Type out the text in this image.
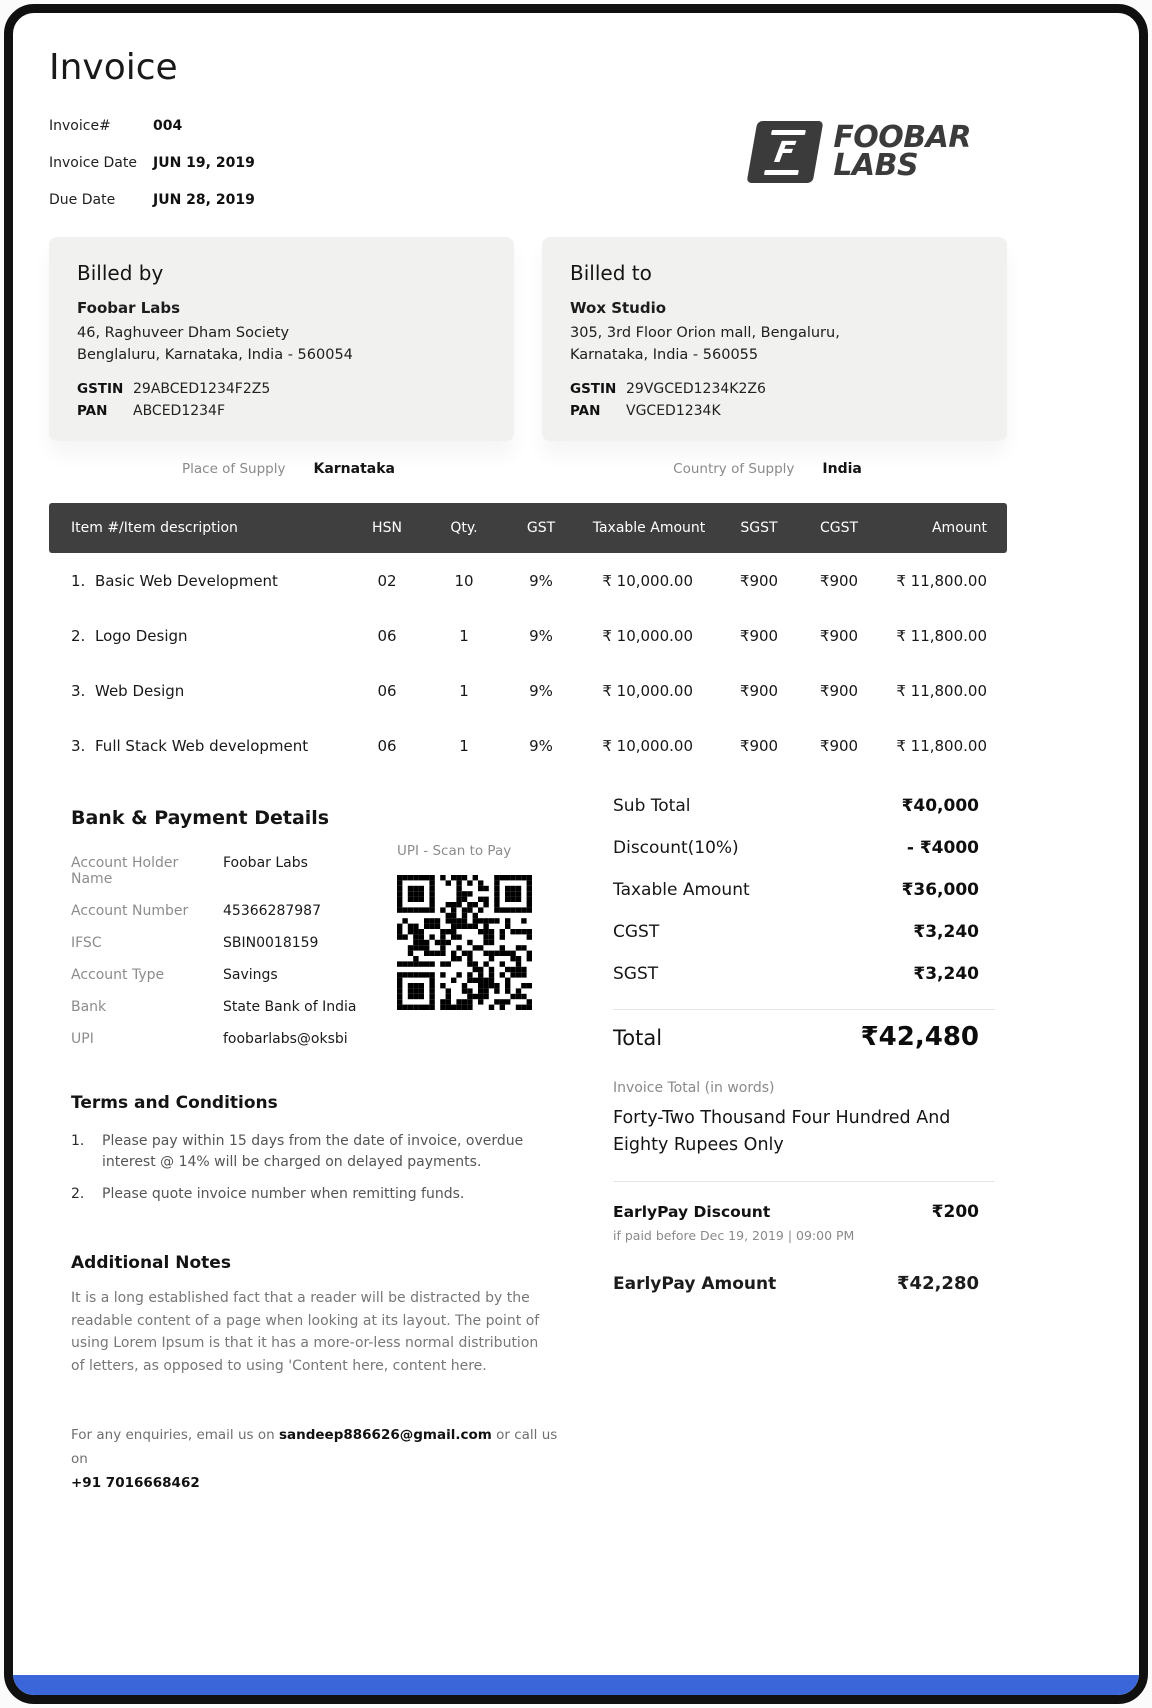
Invoice
Invoice#	004
Invoice Date	JUN 19, 2019
Due Date	JUN 28, 2019
F FOOBAR
LABS
Billed by
Foobar Labs
46, Raghuveer Dham Society
Benglaluru, Karnataka, India - 560054
GSTIN 29ABCED1234F2Z5
PAN	ABCED1234F
Billed to
Wox Studio
305, 3rd Floor Orion mall, Bengaluru,
Karnataka, India - 560055
GSTIN 29VGCED1234K2Z6
PAN	VGCED1234K
Place of Supply Karnataka	Country of Supply India
Item #/Item description	HSN	Qty.	GST	Taxable Amount	SGST	CGST	Amount
1. Basic Web Development	02	10	9%	₹ 10,000.00	₹900	₹900	₹ 11,800.00
2. Logo Design	06	1	9%	₹ 10,000.00	₹900	₹900	₹ 11,800.00
3. Web Design	06	1	9%	₹ 10,000.00	₹900	₹900	₹ 11,800.00
3. Full Stack Web development	06	1	9%	₹ 10,000.00	₹900	₹900	₹ 11,800.00
Bank & Payment Details
Account Holder Name
Foobar Labs
Account Number	45366287987
IFSC	SBIN0018159
Account Type	Savings
Bank	State Bank of India
UPI	foobarlabs@oksbi
UPI - Scan to Pay
Terms and Conditions
1. Please pay within 15 days from the date of invoice, overdue interest @ 14% will be charged on delayed payments.
2. Please quote invoice number when remitting funds.
Additional Notes

It is a long established fact that a reader will be distracted by the readable content of a page when looking at its layout. The point of using Lorem Ipsum is that it has a more-or-less normal distribution of letters, as opposed to using 'Content here, content here.

For any enquiries, email us on sandeep886626@gmail.com or call us on
+91 7016668462

Sub Total	₹40,000
Discount(10%)	- ₹4000
Taxable Amount	₹36,000
CGST	₹3,240
SGST	₹3,240
Total	₹42,480
Invoice Total (in words)
Forty-Two Thousand Four Hundred And Eighty Rupees Only
EarlyPay Discount	₹200
if paid before Dec 19, 2019 | 09:00 PM
EarlyPay Amount	₹42,280
